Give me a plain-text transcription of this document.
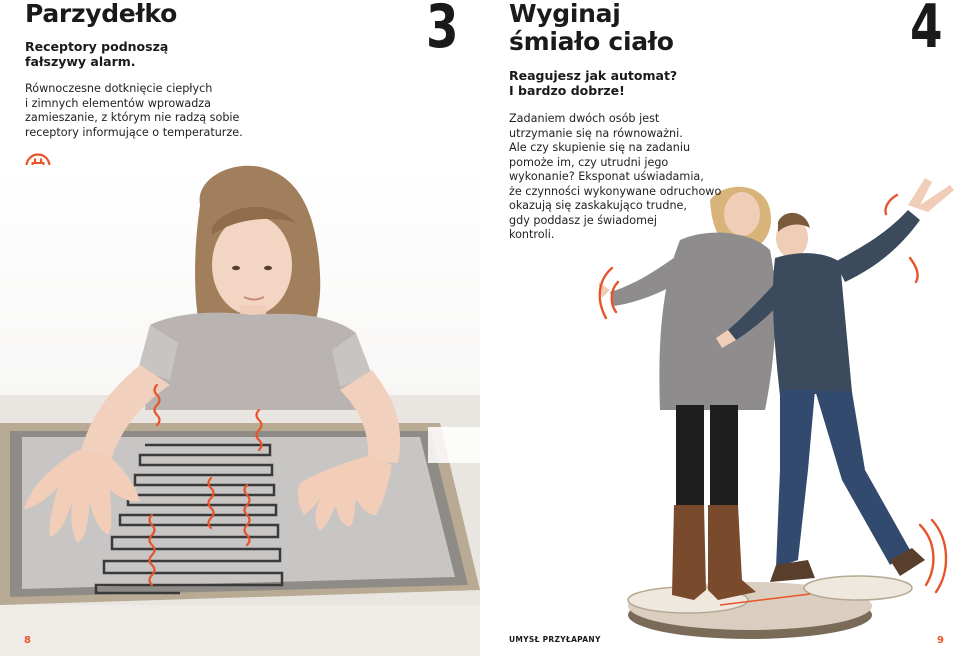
Parzydełko
Receptory podnoszą fałszywy alarm.
Równoczesne dotknięcie ciepłych
i zimnych elementów wprowadza
zamieszanie, z którym nie radzą sobie
receptory informujące o temperaturze.
3
8
Wyginaj
śmiało ciało
Reagujesz jak automat?
I bardzo dobrze!
Zadaniem dwóch osób jest
utrzymanie się na równoważni.
Ale czy skupienie się na zadaniu
pomoże im, czy utrudni jego
wykonanie? Eksponat uświadamia,
że czynności wykonywane odruchowo
okazują się zaskakująco trudne,
gdy poddasz je świadomej
kontroli.
4
UMYSŁ PRZYŁAPANY	9
